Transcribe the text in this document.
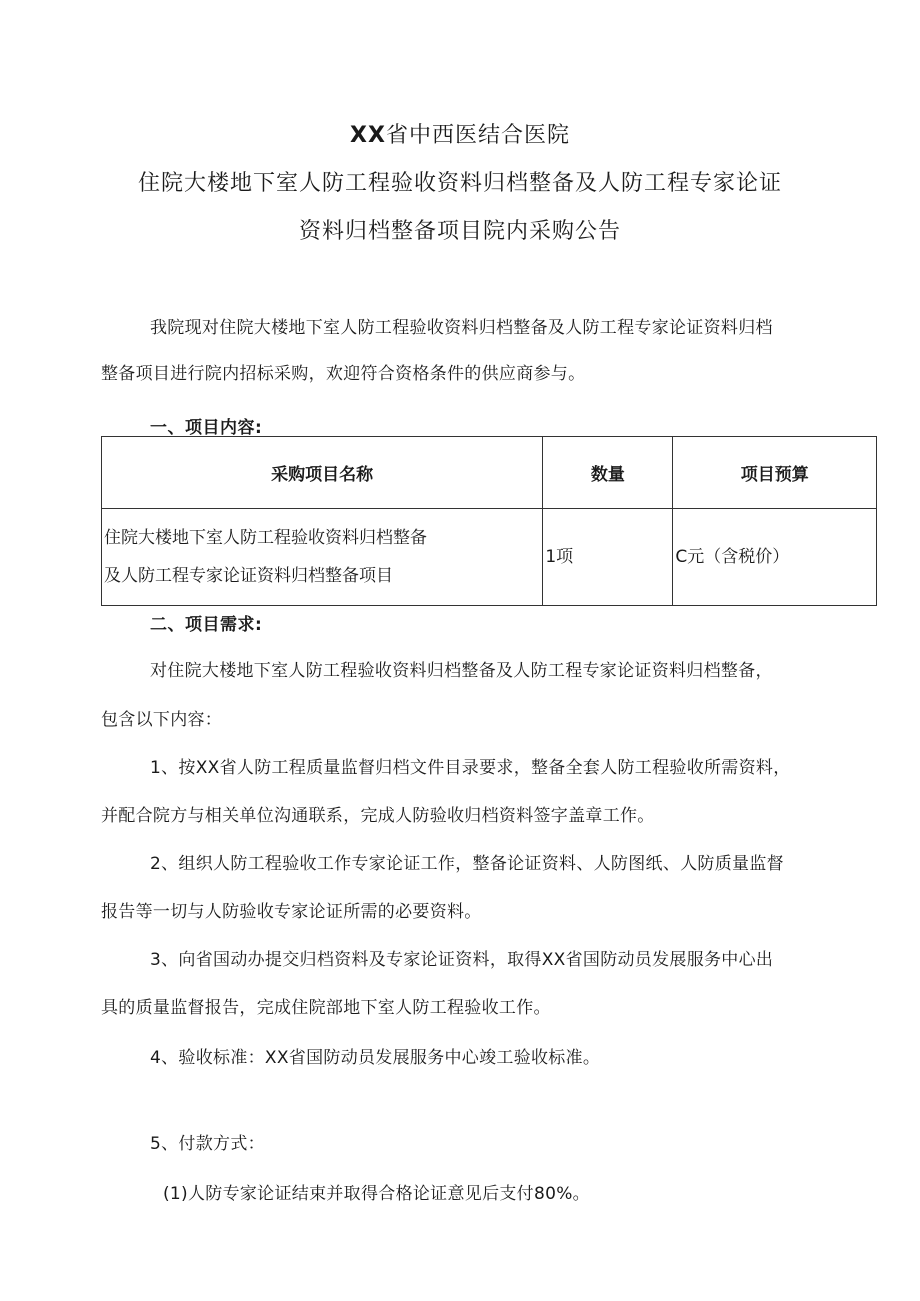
XX省中西医结合医院
住院大楼地下室人防工程验收资料归档整备及人防工程专家论证
资料归档整备项目院内采购公告
我院现对住院大楼地下室人防工程验收资料归档整备及人防工程专家论证资料归档
整备项目进行院内招标采购，欢迎符合资格条件的供应商参与。
一、项目内容:
采购项目名称	数量	项目预算

住院大楼地下室人防工程验收资料归档整备
及人防工程专家论证资料归档整备项目	1项	C元（含税价）
二、项目需求:
对住院大楼地下室人防工程验收资料归档整备及人防工程专家论证资料归档整备，
包含以下内容：
1、按XX省人防工程质量监督归档文件目录要求，整备全套人防工程验收所需资料，
并配合院方与相关单位沟通联系，完成人防验收归档资料签字盖章工作。
2、组织人防工程验收工作专家论证工作，整备论证资料、人防图纸、人防质量监督
报告等一切与人防验收专家论证所需的必要资料。
3、向省国动办提交归档资料及专家论证资料，取得XX省国防动员发展服务中心出
具的质量监督报告，完成住院部地下室人防工程验收工作。
4、验收标准：XX省国防动员发展服务中心竣工验收标准。
5、付款方式：
(1)人防专家论证结束并取得合格论证意见后支付80%。
